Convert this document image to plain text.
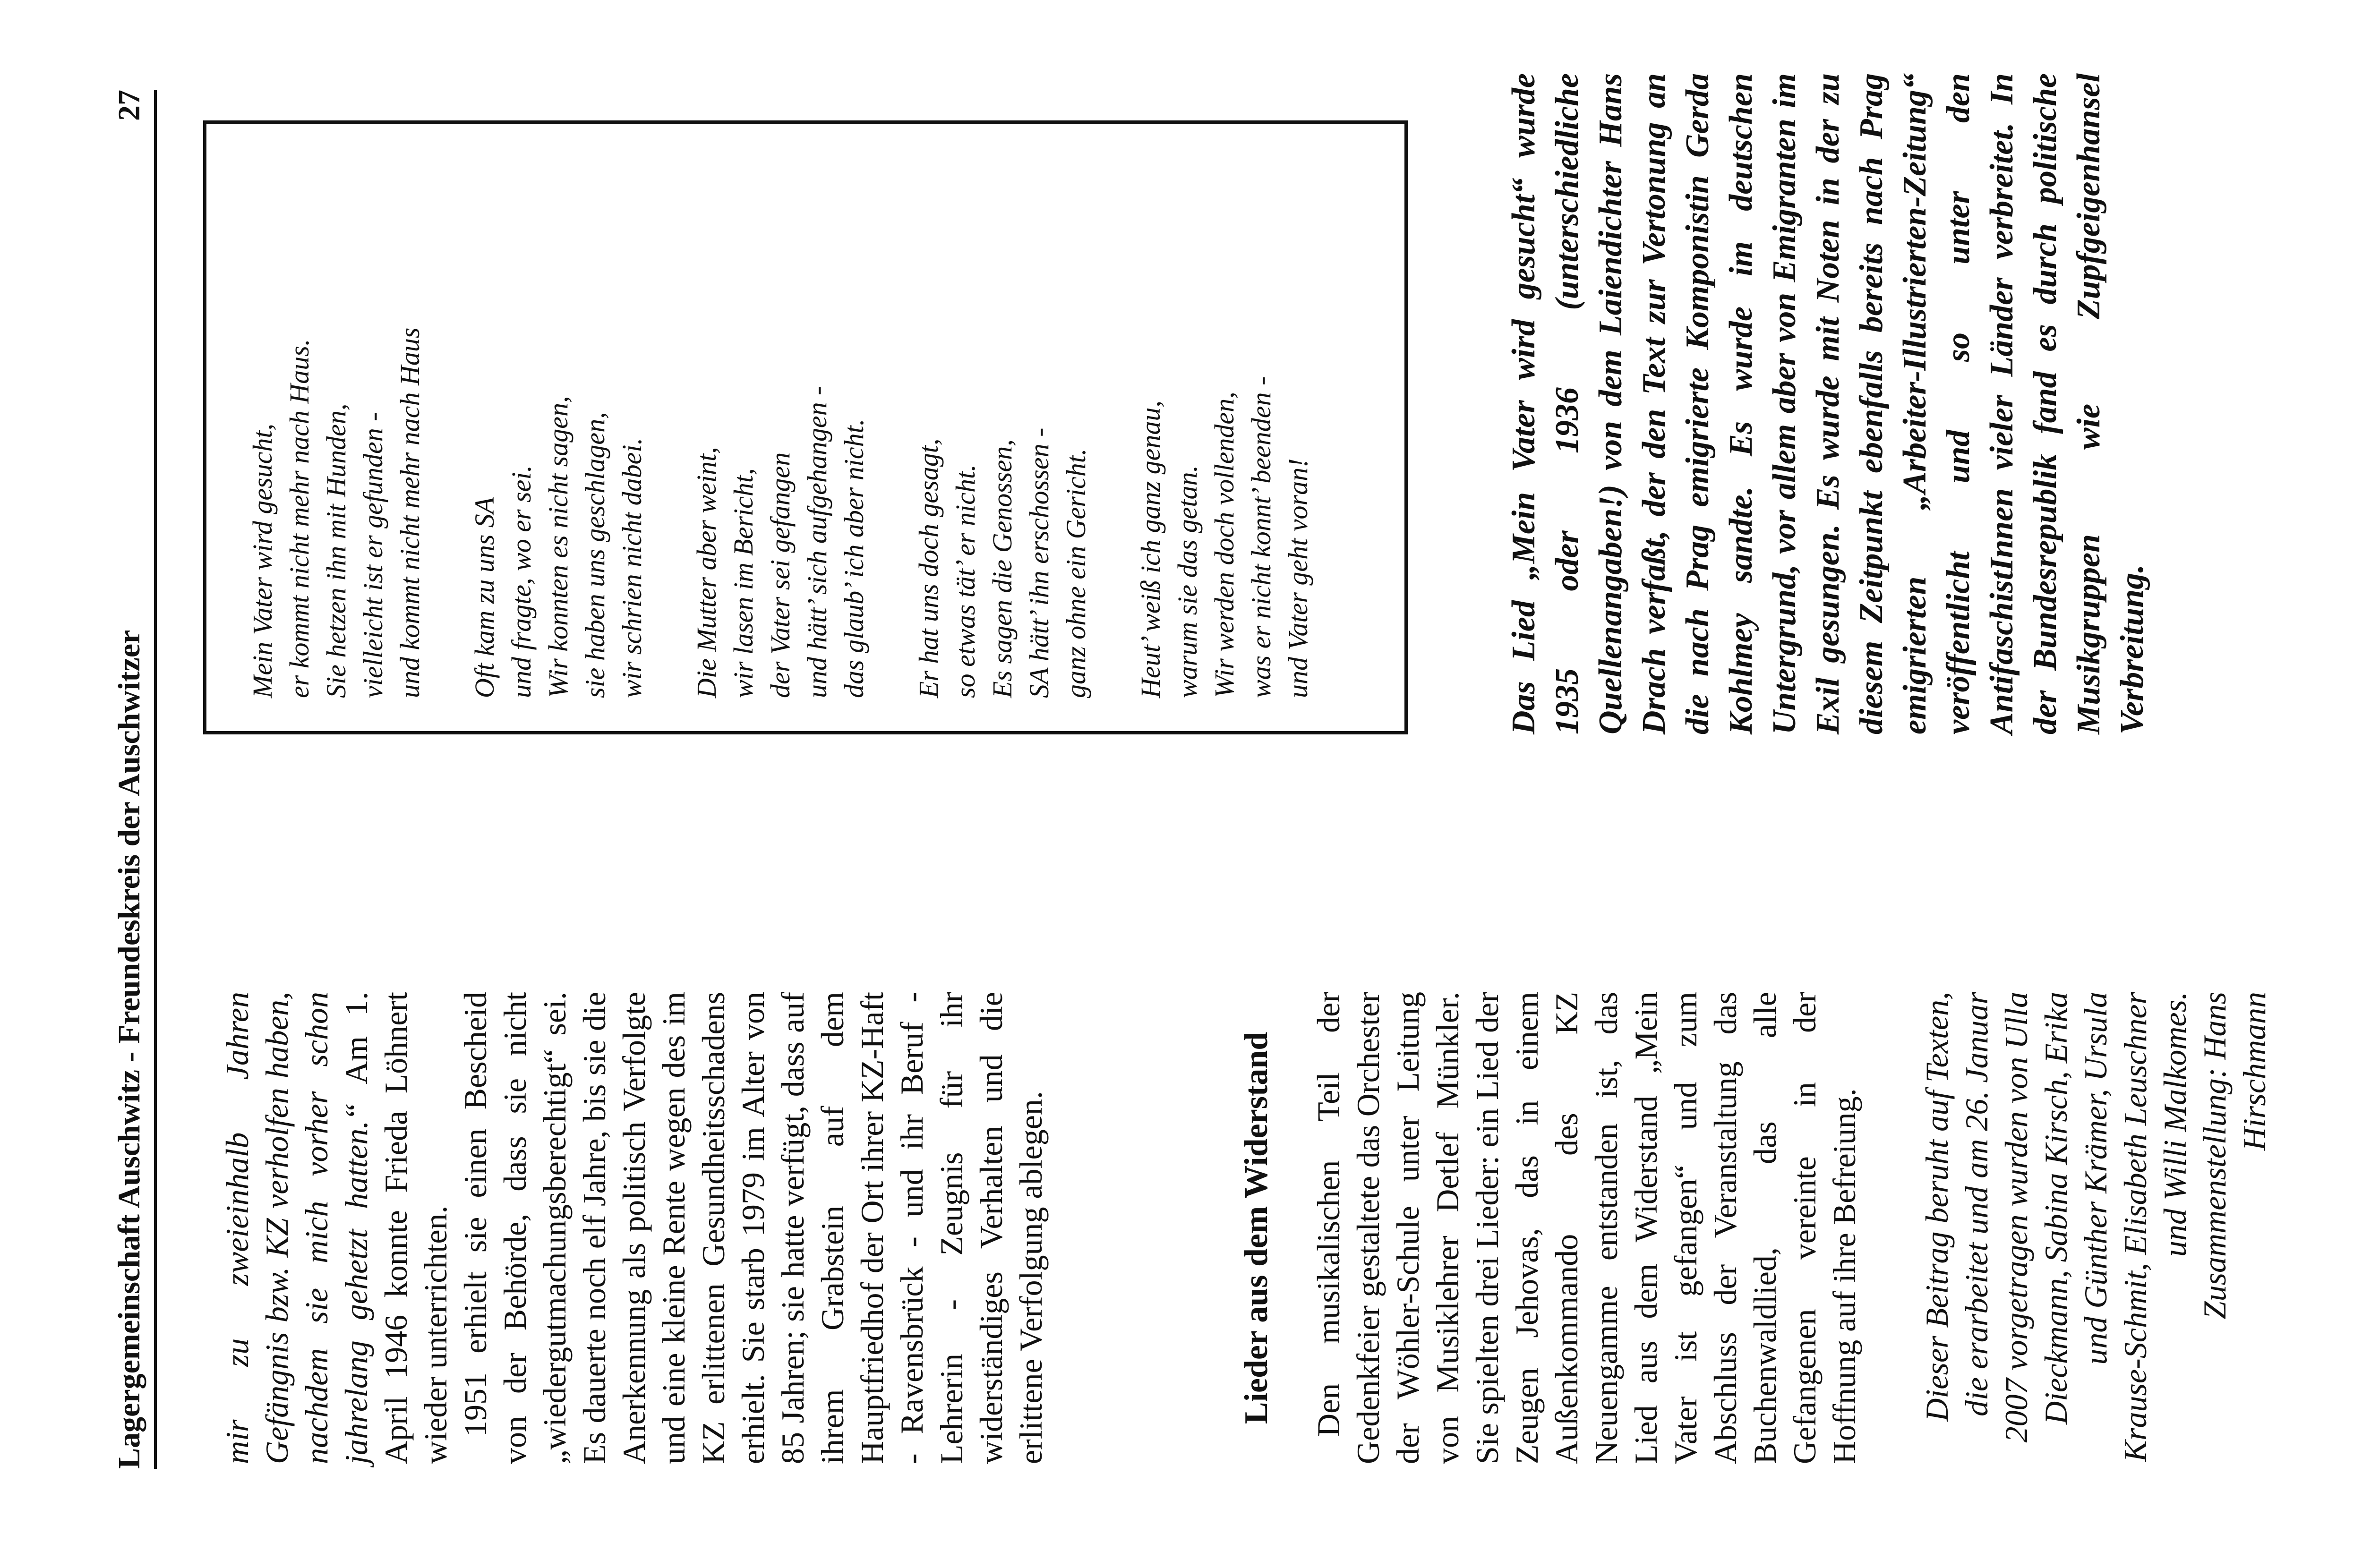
Lagergemeinschaft Auschwitz - Freundeskreis der Auschwitzer
27

mir zu zweieinhalb Jahren Gefängnis bzw. KZ verholfen haben, nachdem sie mich vorher schon jahrelang gehetzt hatten.“ Am 1. April 1946 konnte Frieda Löhnert wieder unterrichten. 1951 erhielt sie einen Bescheid von der Behörde, dass sie nicht „wiedergutmachungsberechtigt“ sei. Es dauerte noch elf Jahre, bis sie die Anerkennung als politisch Verfolgte und eine kleine Rente wegen des im KZ erlittenen Gesundheitsschadens erhielt. Sie starb 1979 im Alter von 85 Jahren; sie hatte verfügt, dass auf ihrem Grabstein auf dem Hauptfriedhof der Ort ihrer KZ-Haft - Ravensbrück - und ihr Beruf - Lehrerin - Zeugnis für ihr widerständiges Verhalten und die erlittene Verfolgung ablegen.	Lieder aus dem Widerstand Den musikalischen Teil der Gedenkfeier gestaltete das Orchester der Wöhler-Schule unter Leitung von Musiklehrer Detlef Münkler. Sie spielten drei Lieder: ein Lied der Zeugen Jehovas, das in einem Außenkommando des KZ Neuengamme entstanden ist, das Lied aus dem Widerstand „Mein Vater ist gefangen“ und zum Abschluss der Veranstaltung das Buchenwaldlied, das alle Gefangenen vereinte in der Hoffnung auf ihre Befreiung. Dieser Beitrag beruht auf Texten, die erarbeitet und am 26. Januar 2007 vorgetragen wurden von Ulla Dieckmann, Sabina Kirsch, Erika und Günther Krämer, Ursula Krause-Schmit, Elisabeth Leuschner und Willi Malkomes. Zusammenstellung: Hans Hirschmann
Mein Vater wird gesucht, er kommt nicht mehr nach Haus. Sie hetzen ihn mit Hunden, vielleicht ist er gefunden - und kommt nicht mehr nach Haus Oft kam zu uns SA und fragte, wo er sei. Wir konnten es nicht sagen, sie haben uns geschlagen, wir schrien nicht dabei. Die Mutter aber weint, wir lasen im Bericht, der Vater sei gefangen und hätt’ sich aufgehangen - das glaub’ ich aber nicht. Er hat uns doch gesagt, so etwas tät’ er nicht. Es sagen die Genossen, SA hätt’ ihn erschossen - ganz ohne ein Gericht. Heut’ weiß ich ganz genau, warum sie das getan. Wir werden doch vollenden, was er nicht konnt’ beenden - und Vater geht voran!	Das Lied „Mein Vater wird gesucht“ wurde 1935 oder 1936 (unterschiedliche Quellenangaben!) von dem Laiendichter Hans Drach verfaßt, der den Text zur Vertonung an die nach Prag emigrierte Komponistin Gerda Kohlmey sandte. Es wurde im deutschen Untergrund, vor allem aber von Emigranten im Exil gesungen. Es wurde mit Noten in der zu diesem Zeitpunkt ebenfalls bereits nach Prag emigrierten „Arbeiter-Illustrierten-Zeitung“ veröffentlicht und so unter den AntifaschistInnen vieler Länder verbreitet. In der Bundesrepublik fand es durch politische Musikgruppen wie Zupfgeigenhansel Verbreitung.
